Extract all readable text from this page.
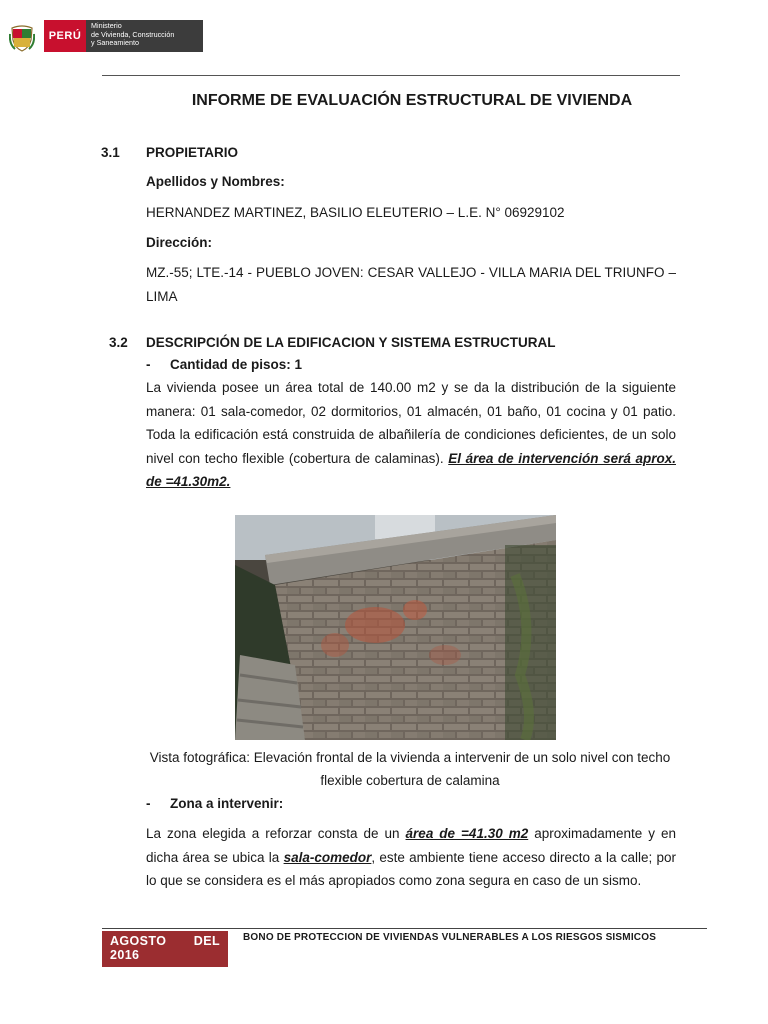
PERÚ
Ministerio
de Vivienda, Construcción
y Saneamiento
INFORME DE EVALUACIÓN ESTRUCTURAL DE VIVIENDA
3.1 PROPIETARIO
Apellidos y Nombres:
HERNANDEZ MARTINEZ, BASILIO ELEUTERIO – L.E. N° 06929102
Dirección:
MZ.-55; LTE.-14 - PUEBLO JOVEN: CESAR VALLEJO - VILLA MARIA DEL TRIUNFO – LIMA
3.2 DESCRIPCIÓN DE LA EDIFICACION Y SISTEMA ESTRUCTURAL
- Cantidad de pisos: 1
La vivienda posee un área total de 140.00 m2 y se da la distribución de la siguiente manera: 01 sala-comedor, 02 dormitorios, 01 almacén, 01 baño, 01 cocina y 01 patio. Toda la edificación está construida de albañilería de condiciones deficientes, de un solo nivel con techo flexible (cobertura de calaminas). El área de intervención será aprox. de =41.30m2.
Vista fotográfica: Elevación frontal de la vivienda a intervenir de un solo nivel con techo flexible cobertura de calamina
- Zona a intervenir:
La zona elegida a reforzar consta de un área de =41.30 m2 aproximadamente y en dicha área se ubica la sala-comedor, este ambiente tiene acceso directo a la calle; por lo que se considera es el más apropiados como zona segura en caso de un sismo.
AGOSTO DEL
2016
BONO DE PROTECCION DE VIVIENDAS VULNERABLES A LOS RIESGOS SISMICOS
